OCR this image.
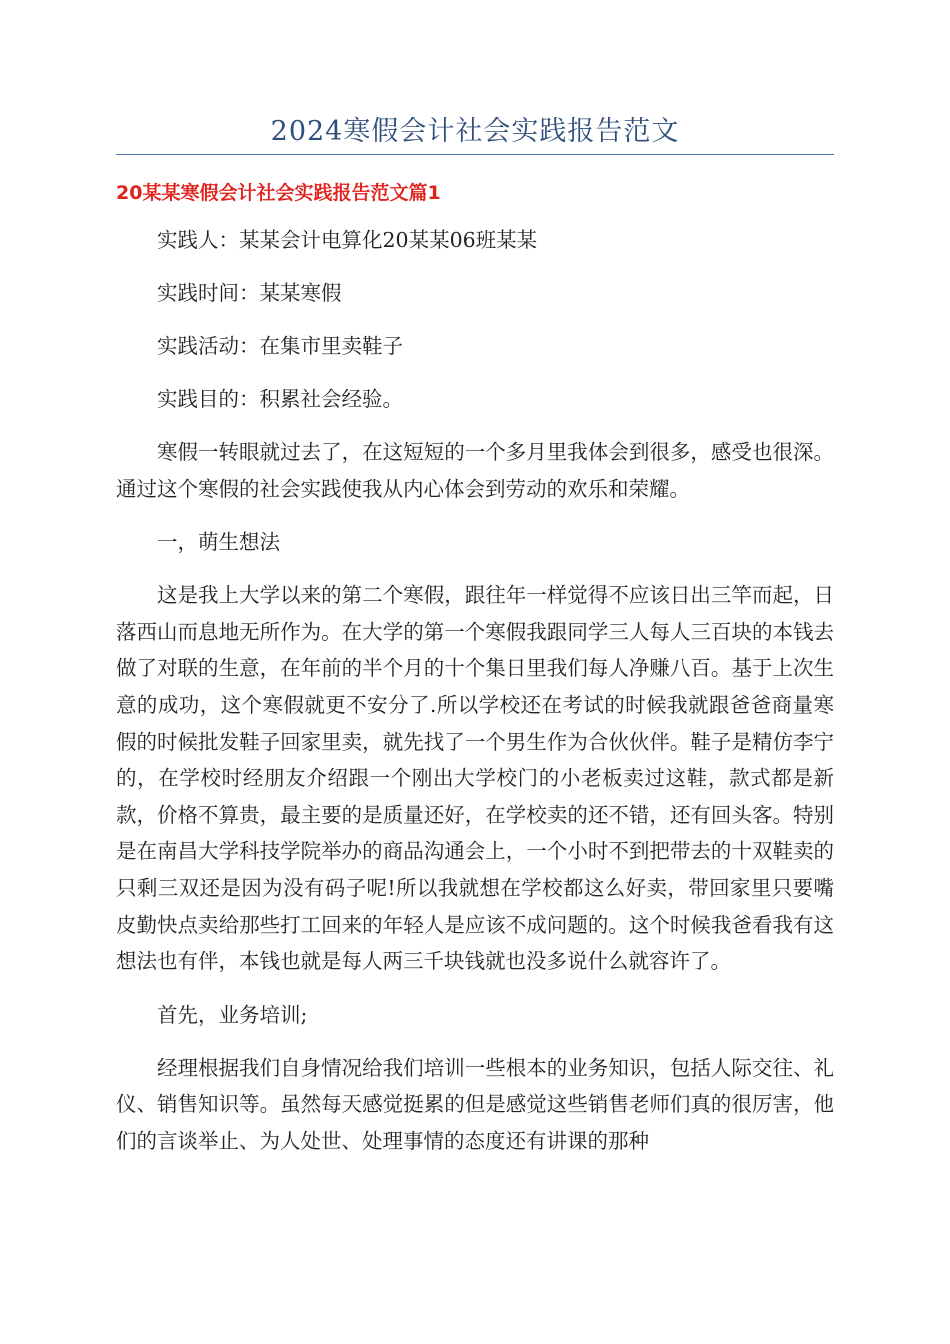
2024寒假会计社会实践报告范文
20某某寒假会计社会实践报告范文篇1

实践人：某某会计电算化20某某06班某某

实践时间：某某寒假

实践活动：在集市里卖鞋子

实践目的：积累社会经验。

寒假一转眼就过去了，在这短短的一个多月里我体会到很多，感受也很深。通过这个寒假的社会实践使我从内心体会到劳动的欢乐和荣耀。

一，萌生想法

这是我上大学以来的第二个寒假，跟往年一样觉得不应该日出三竿而起，日落西山而息地无所作为。在大学的第一个寒假我跟同学三人每人三百块的本钱去做了对联的生意，在年前的半个月的十个集日里我们每人净赚八百。基于上次生意的成功，这个寒假就更不安分了.所以学校还在考试的时候我就跟爸爸商量寒假的时候批发鞋子回家里卖，就先找了一个男生作为合伙伙伴。鞋子是精仿李宁的，在学校时经朋友介绍跟一个刚出大学校门的小老板卖过这鞋，款式都是新款，价格不算贵，最主要的是质量还好，在学校卖的还不错，还有回头客。特别是在南昌大学科技学院举办的商品沟通会上，一个小时不到把带去的十双鞋卖的只剩三双还是因为没有码子呢!所以我就想在学校都这么好卖，带回家里只要嘴皮勤快点卖给那些打工回来的年轻人是应该不成问题的。这个时候我爸看我有这想法也有伴，本钱也就是每人两三千块钱就也没多说什么就容许了。

首先，业务培训;

经理根据我们自身情况给我们培训一些根本的业务知识，包括人际交往、礼仪、销售知识等。虽然每天感觉挺累的但是感觉这些销售老师们真的很厉害，他们的言谈举止、为人处世、处理事情的态度还有讲课的那种
